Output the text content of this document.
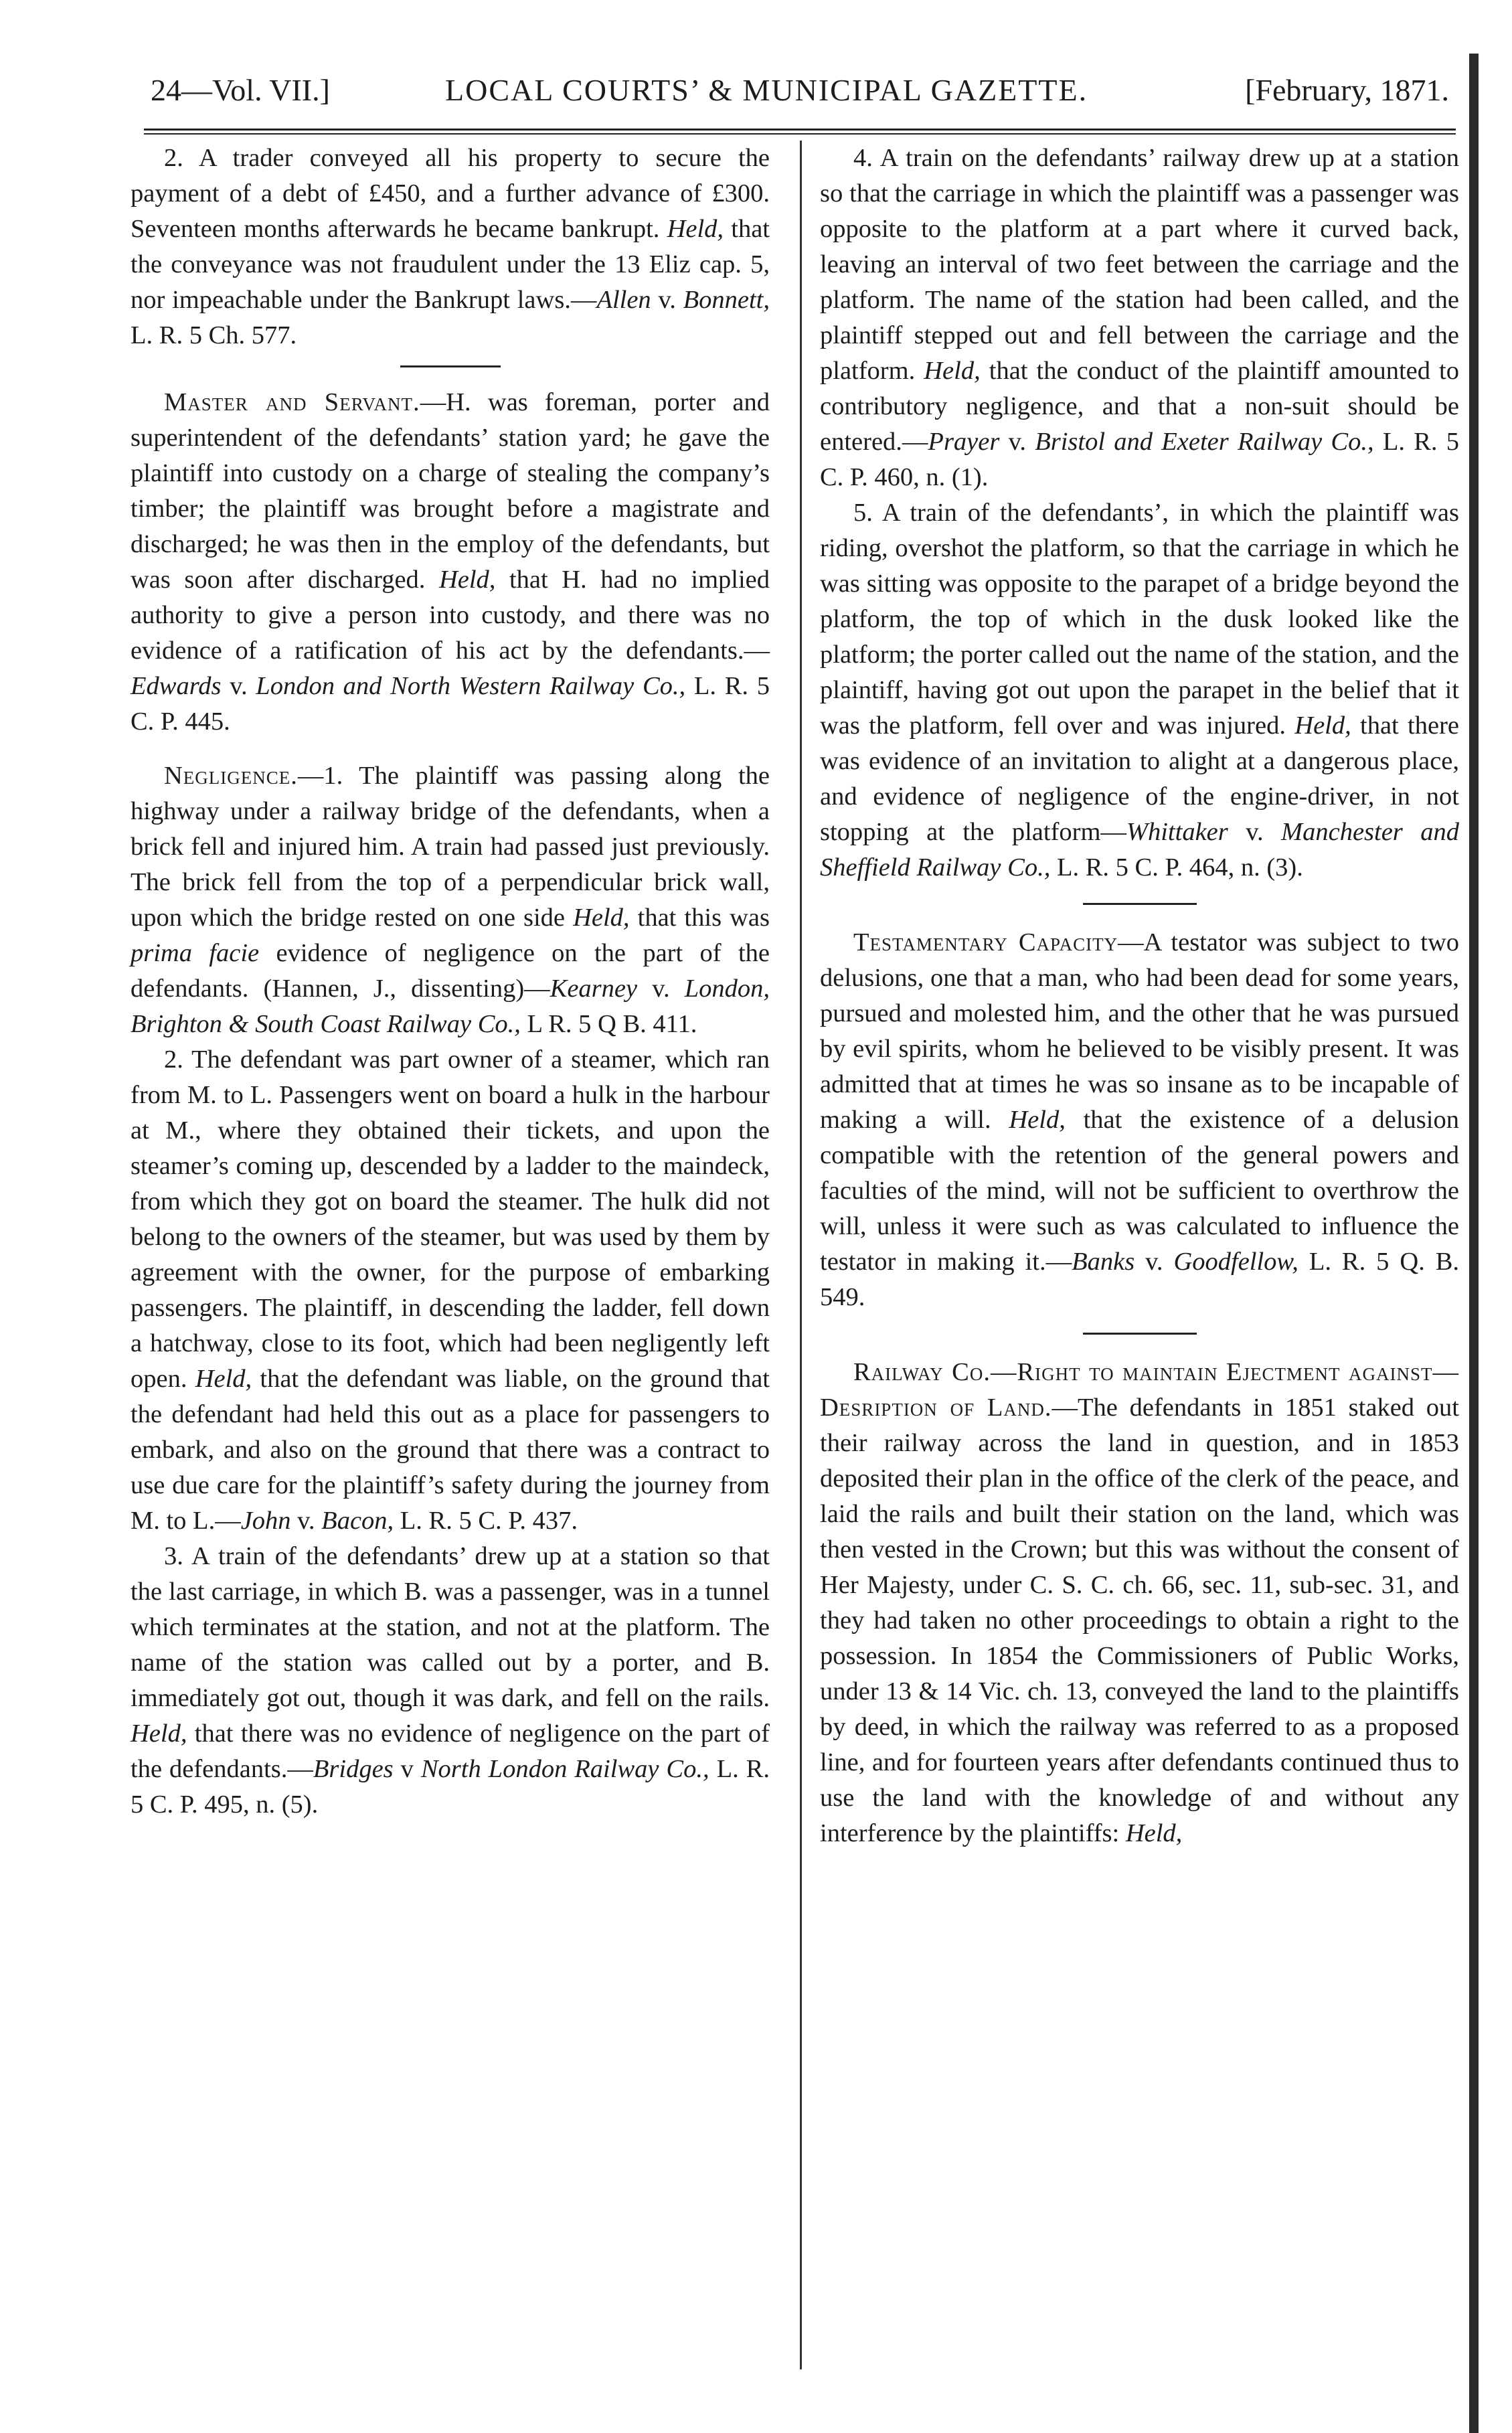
24—Vol. VII.]	LOCAL COURTS’ & MUNICIPAL GAZETTE.	[February, 1871.

2. A trader conveyed all his property to secure the payment of a debt of £450, and a further advance of £300. Seventeen months afterwards he became bankrupt. Held, that the conveyance was not fraudulent under the 13 Eliz cap. 5, nor impeachable under the Bankrupt laws.—Allen v. Bonnett, L. R. 5 Ch. 577.

Master and Servant.—H. was foreman, porter and superintendent of the defendants’ station yard; he gave the plaintiff into custody on a charge of stealing the company’s timber; the plaintiff was brought before a magistrate and discharged; he was then in the employ of the defendants, but was soon after discharged. Held, that H. had no implied authority to give a person into custody, and there was no evidence of a ratification of his act by the defendants.—Edwards v. London and North Western Railway Co., L. R. 5 C. P. 445.

Negligence.—1. The plaintiff was passing along the highway under a railway bridge of the defendants, when a brick fell and injured him. A train had passed just previously. The brick fell from the top of a perpendicular brick wall, upon which the bridge rested on one side Held, that this was prima facie evidence of negligence on the part of the defendants. (Hannen, J., dissenting)—Kearney v. London, Brighton & South Coast Railway Co., L R. 5 Q B. 411.

2. The defendant was part owner of a steamer, which ran from M. to L. Passengers went on board a hulk in the harbour at M., where they obtained their tickets, and upon the steamer’s coming up, descended by a ladder to the maindeck, from which they got on board the steamer. The hulk did not belong to the owners of the steamer, but was used by them by agreement with the owner, for the purpose of embarking passengers. The plaintiff, in descending the ladder, fell down a hatchway, close to its foot, which had been negligently left open. Held, that the defendant was liable, on the ground that the defendant had held this out as a place for passengers to embark, and also on the ground that there was a contract to use due care for the plaintiff’s safety during the journey from M. to L.—John v. Bacon, L. R. 5 C. P. 437.

3. A train of the defendants’ drew up at a station so that the last carriage, in which B. was a passenger, was in a tunnel which terminates at the station, and not at the platform. The name of the station was called out by a porter, and B. immediately got out, though it was dark, and fell on the rails. Held, that there was no evidence of negligence on the part of the defendants.—Bridges v North London Railway Co., L. R. 5 C. P. 495, n. (5).

4. A train on the defendants’ railway drew up at a station so that the carriage in which the plaintiff was a passenger was opposite to the platform at a part where it curved back, leaving an interval of two feet between the carriage and the platform. The name of the station had been called, and the plaintiff stepped out and fell between the carriage and the platform. Held, that the conduct of the plaintiff amounted to contributory negligence, and that a non-suit should be entered.—Prayer v. Bristol and Exeter Railway Co., L. R. 5 C. P. 460, n. (1).

5. A train of the defendants’, in which the plaintiff was riding, overshot the platform, so that the carriage in which he was sitting was opposite to the parapet of a bridge beyond the platform, the top of which in the dusk looked like the platform; the porter called out the name of the station, and the plaintiff, having got out upon the parapet in the belief that it was the platform, fell over and was injured. Held, that there was evidence of an invitation to alight at a dangerous place, and evidence of negligence of the engine-driver, in not stopping at the platform—Whittaker v. Manchester and Sheffield Railway Co., L. R. 5 C. P. 464, n. (3).

Testamentary Capacity—A testator was subject to two delusions, one that a man, who had been dead for some years, pursued and molested him, and the other that he was pursued by evil spirits, whom he believed to be visibly present. It was admitted that at times he was so insane as to be incapable of making a will. Held, that the existence of a delusion compatible with the retention of the general powers and faculties of the mind, will not be sufficient to overthrow the will, unless it were such as was calculated to influence the testator in making it.—Banks v. Goodfellow, L. R. 5 Q. B. 549.

Railway Co.—Right to maintain Ejectment against—Desription of Land.—The defendants in 1851 staked out their railway across the land in question, and in 1853 deposited their plan in the office of the clerk of the peace, and laid the rails and built their station on the land, which was then vested in the Crown; but this was without the consent of Her Majesty, under C. S. C. ch. 66, sec. 11, sub-sec. 31, and they had taken no other proceedings to obtain a right to the possession. In 1854 the Commissioners of Public Works, under 13 & 14 Vic. ch. 13, conveyed the land to the plaintiffs by deed, in which the railway was referred to as a proposed line, and for fourteen years after defendants continued thus to use the land with the knowledge of and without any interference by the plaintiffs: Held,
